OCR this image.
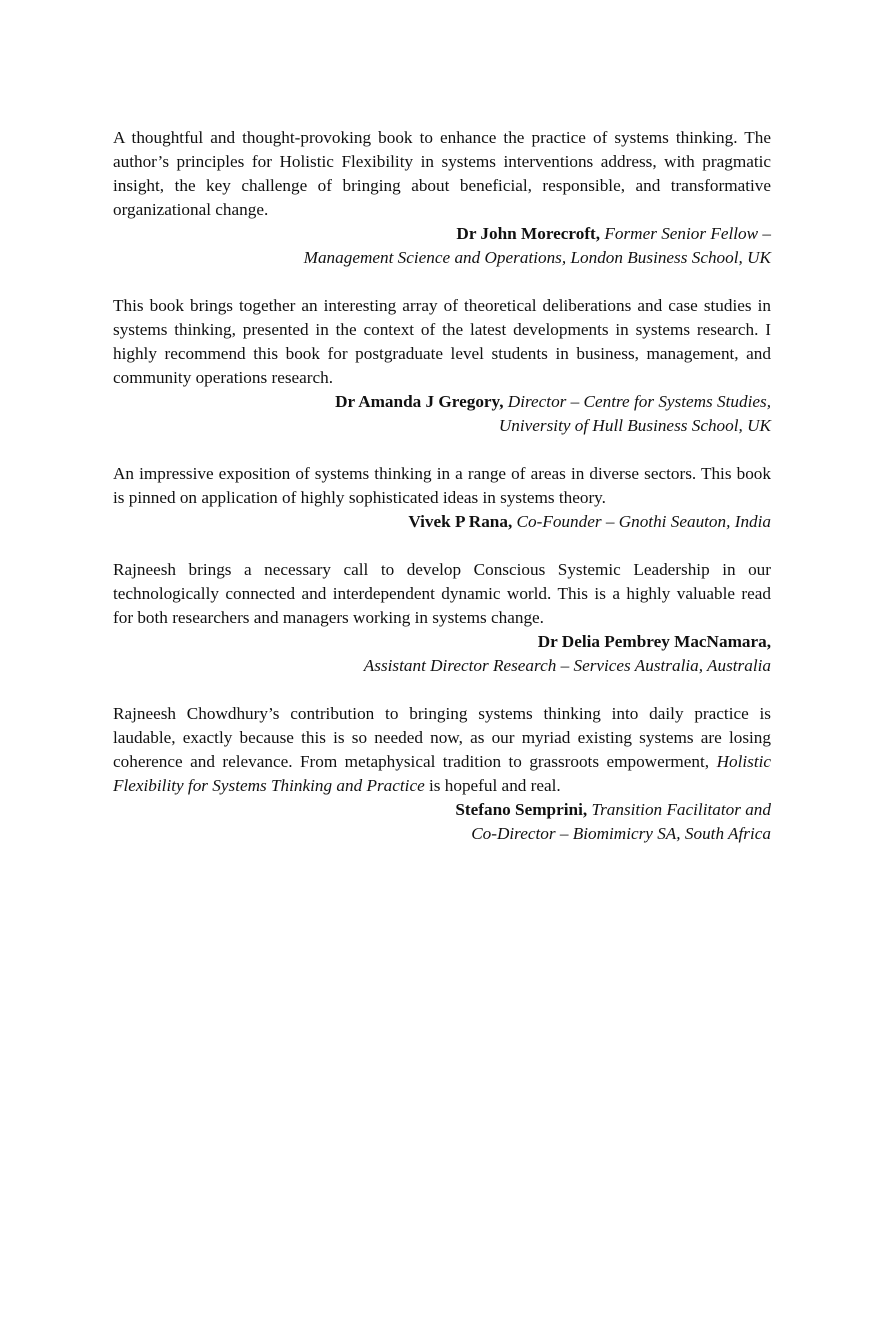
A thoughtful and thought-provoking book to enhance the practice of systems thinking. The author’s principles for Holistic Flexibility in systems interventions address, with pragmatic insight, the key challenge of bringing about beneficial, responsible, and transformative organizational change.

Dr John Morecroft, Former Senior Fellow –
Management Science and Operations, London Business School, UK

This book brings together an interesting array of theoretical deliberations and case studies in systems thinking, presented in the context of the latest developments in systems research. I highly recommend this book for postgraduate level students in business, management, and community operations research.

Dr Amanda J Gregory, Director – Centre for Systems Studies,
University of Hull Business School, UK

An impressive exposition of systems thinking in a range of areas in diverse sectors. This book is pinned on application of highly sophisticated ideas in systems theory.

Vivek P Rana, Co-Founder – Gnothi Seauton, India

Rajneesh brings a necessary call to develop Conscious Systemic Leadership in our technologically connected and interdependent dynamic world. This is a highly valuable read for both researchers and managers working in systems change.

Dr Delia Pembrey MacNamara,
Assistant Director Research – Services Australia, Australia

Rajneesh Chowdhury’s contribution to bringing systems thinking into daily practice is laudable, exactly because this is so needed now, as our myriad existing systems are losing coherence and relevance. From metaphysical tradition to grassroots empowerment, Holistic Flexibility for Systems Thinking and Practice is hopeful and real.

Stefano Semprini, Transition Facilitator and
Co-Director – Biomimicry SA, South Africa
